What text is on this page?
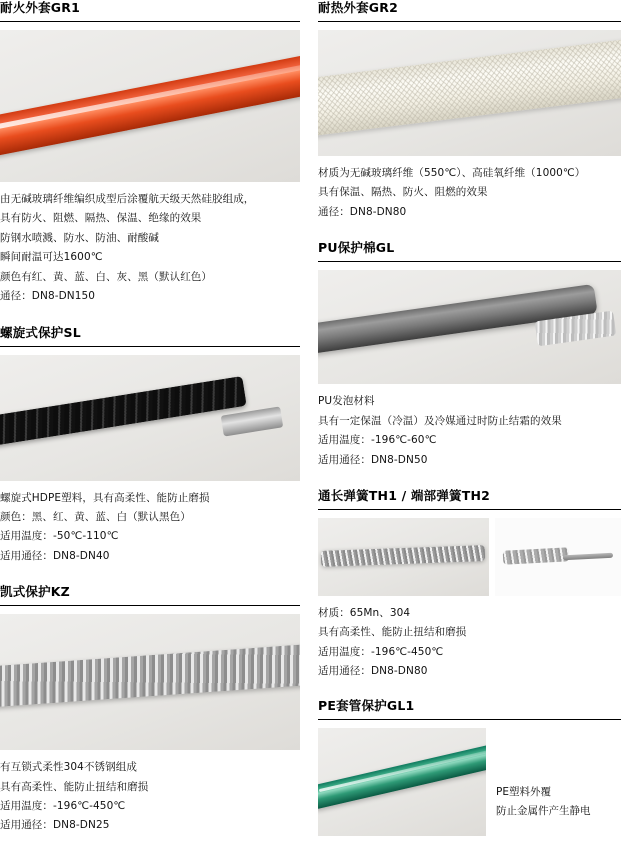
耐火外套GR1
由无碱玻璃纤维编织成型后涂覆航天级天然硅胶组成，
具有防火、阻燃、隔热、保温、绝缘的效果
防钢水喷溅、防水、防油、耐酸碱
瞬间耐温可达1600℃
颜色有红、黄、蓝、白、灰、黑（默认红色）
通径：DN8-DN150
螺旋式保护SL
螺旋式HDPE塑料，具有高柔性、能防止磨损
颜色：黑、红、黄、蓝、白（默认黑色）
适用温度：-50℃-110℃
适用通径：DN8-DN40
凯式保护KZ
有互锁式柔性304不锈钢组成
具有高柔性、能防止扭结和磨损
适用温度：-196℃-450℃
适用通径：DN8-DN25
耐热外套GR2
材质为无碱玻璃纤维（550℃）、高硅氧纤维（1000℃）
具有保温、隔热、防火、阻燃的效果
通径：DN8-DN80
PU保护棉GL
PU发泡材料
具有一定保温（冷温）及冷媒通过时防止结霜的效果
适用温度：-196℃-60℃
适用通径：DN8-DN50
通长弹簧TH1 / 端部弹簧TH2
材质：65Mn、304
具有高柔性、能防止扭结和磨损
适用温度：-196℃-450℃
适用通径：DN8-DN80
PE套管保护GL1
PE塑料外覆
防止金属件产生静电
